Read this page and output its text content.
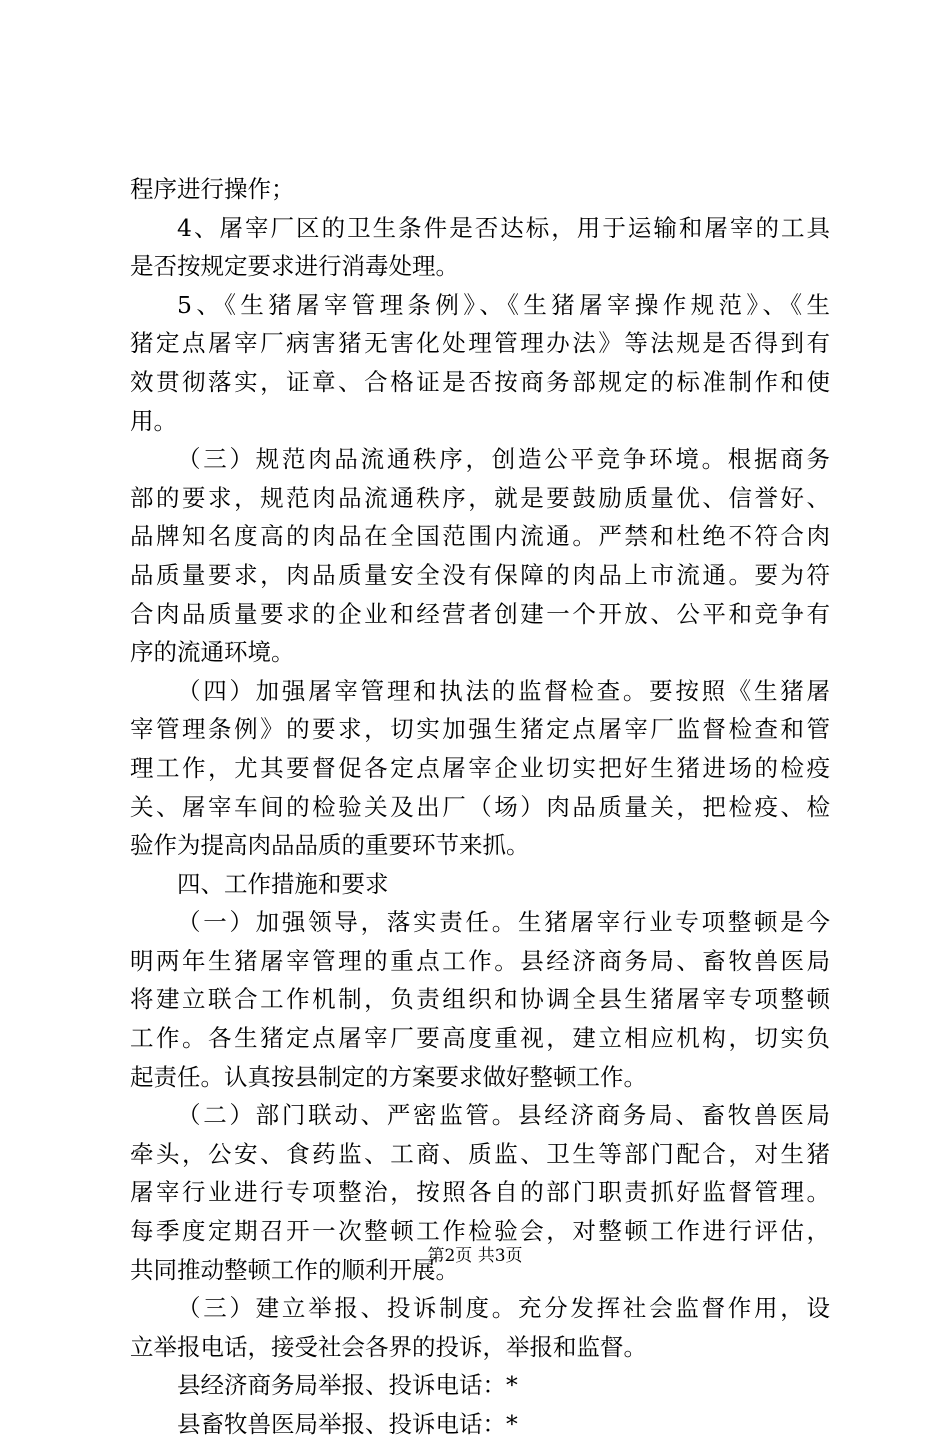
程序进行操作；
4、屠宰厂区的卫生条件是否达标，用于运输和屠宰的工具
是否按规定要求进行消毒处理。
5、《生猪屠宰管理条例》、《生猪屠宰操作规范》、《生
猪定点屠宰厂病害猪无害化处理管理办法》等法规是否得到有
效贯彻落实，证章、合格证是否按商务部规定的标准制作和使
用。
（三）规范肉品流通秩序，创造公平竞争环境。根据商务
部的要求，规范肉品流通秩序，就是要鼓励质量优、信誉好、
品牌知名度高的肉品在全国范围内流通。严禁和杜绝不符合肉
品质量要求，肉品质量安全没有保障的肉品上市流通。要为符
合肉品质量要求的企业和经营者创建一个开放、公平和竞争有
序的流通环境。
（四）加强屠宰管理和执法的监督检查。要按照《生猪屠
宰管理条例》的要求，切实加强生猪定点屠宰厂监督检查和管
理工作，尤其要督促各定点屠宰企业切实把好生猪进场的检疫
关、屠宰车间的检验关及出厂（场）肉品质量关，把检疫、检
验作为提高肉品品质的重要环节来抓。
四、工作措施和要求
（一）加强领导，落实责任。生猪屠宰行业专项整顿是今
明两年生猪屠宰管理的重点工作。县经济商务局、畜牧兽医局
将建立联合工作机制，负责组织和协调全县生猪屠宰专项整顿
工作。各生猪定点屠宰厂要高度重视，建立相应机构，切实负
起责任。认真按县制定的方案要求做好整顿工作。
（二）部门联动、严密监管。县经济商务局、畜牧兽医局
牵头，公安、食药监、工商、质监、卫生等部门配合，对生猪
屠宰行业进行专项整治，按照各自的部门职责抓好监督管理。
每季度定期召开一次整顿工作检验会，对整顿工作进行评估，
共同推动整顿工作的顺利开展。
（三）建立举报、投诉制度。充分发挥社会监督作用，设
立举报电话，接受社会各界的投诉，举报和监督。
县经济商务局举报、投诉电话：*
县畜牧兽医局举报、投诉电话：*
第2页 共3页
